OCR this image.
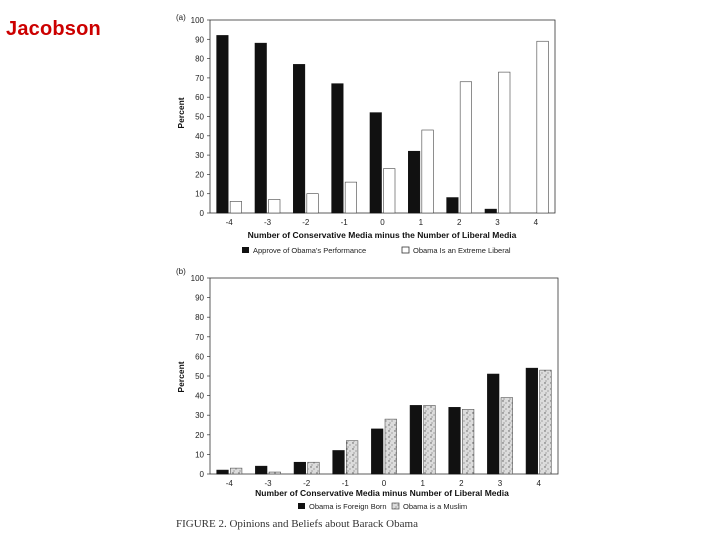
Jacobson
(a)
0
10
20
30
40
50
60
70
80
90
100
-4	-3	-2	-1	0	1	2	3	4
Number of Conservative Media minus the Number of Liberal Media
Percent
Approve of Obama's Performance	Obama Is an Extreme Liberal
(b)
0
10
20
30
40
50
60
70
80
90
100
-4	-3	-2	-1	0	1	2	3	4
Number of Conservative Media minus Number of Liberal Media
Percent
Obama is Foreign Born Obama is a Muslim
FIGURE 2. Opinions and Beliefs about Barack Obama
